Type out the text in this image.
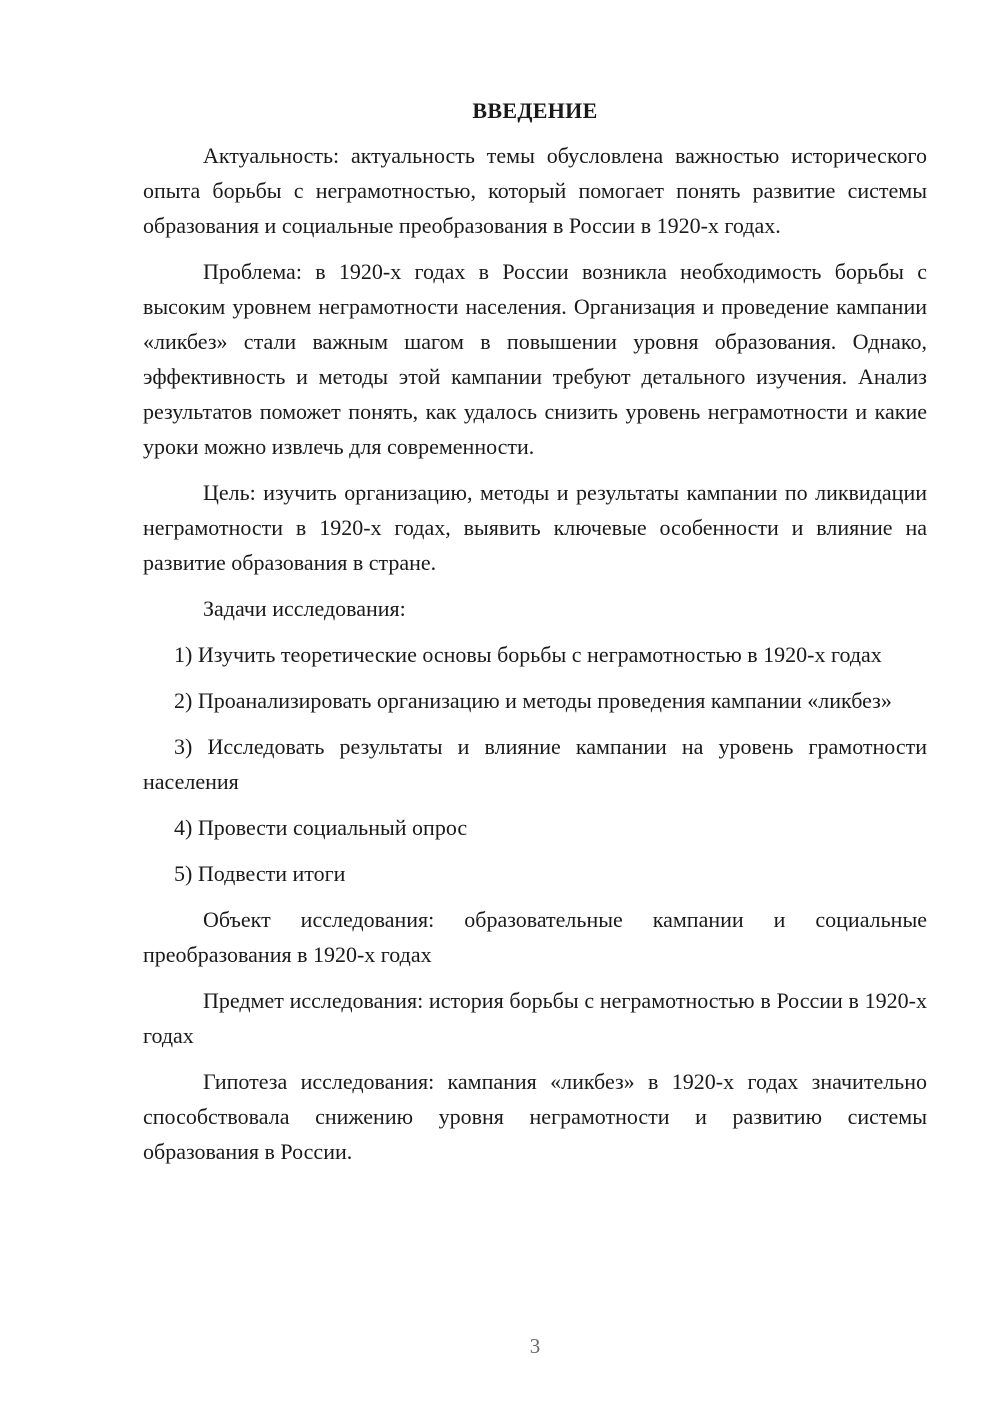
ВВЕДЕНИЕ

Актуальность: актуальность темы обусловлена важностью исторического опыта борьбы с неграмотностью, который помогает понять развитие системы образования и социальные преобразования в России в 1920-х годах.

Проблема: в 1920-х годах в России возникла необходимость борьбы с высоким уровнем неграмотности населения. Организация и проведение кампании «ликбез» стали важным шагом в повышении уровня образования. Однако, эффективность и методы этой кампании требуют детального изучения. Анализ результатов поможет понять, как удалось снизить уровень неграмотности и какие уроки можно извлечь для современности.

Цель: изучить организацию, методы и результаты кампании по ликвидации неграмотности в 1920-х годах, выявить ключевые особенности и влияние на развитие образования в стране.

Задачи исследования:

1) Изучить теоретические основы борьбы с неграмотностью в 1920-х годах

2) Проанализировать организацию и методы проведения кампании «ликбез»

3) Исследовать результаты и влияние кампании на уровень грамотности населения

4) Провести социальный опрос

5) Подвести итоги

Объект исследования: образовательные кампании и социальные преобразования в 1920-х годах

Предмет исследования: история борьбы с неграмотностью в России в 1920-х годах

Гипотеза исследования: кампания «ликбез» в 1920-х годах значительно способствовала снижению уровня неграмотности и развитию системы образования в России.

3
